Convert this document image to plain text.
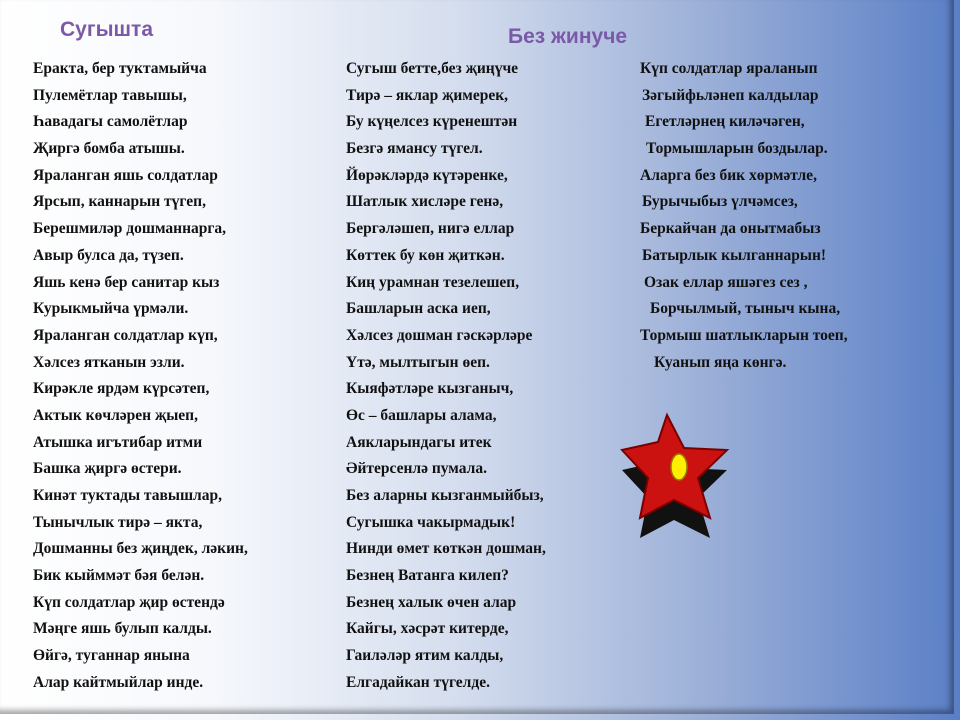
Сугышта	Без жинуче
Еракта, бер туктамыйча
Пулемётлар тавышы,
Һавадагы самолётлар
Җиргә бомба атышы.
Яраланган яшь солдатлар
Ярсып, каннарын түгеп,
Берешмиләр дошманнарга,
Авыр булса да, түзеп.
Яшь кенә бер санитар кыз
Курыкмыйча үрмәли.
Яраланган солдатлар күп,
Хәлсез ятканын эзли.
Кирәкле ярдәм күрсәтеп,
Актык көчләрен җыеп,
Атышка игътибар итми
Башка җиргә өстери.
Кинәт туктады тавышлар,
Тынычлык тирә – якта,
Дошманны без җиңдек, ләкин,
Бик кыйммәт бәя белән.
Күп солдатлар җир өстендә
Мәңге яшь булып калды.
Өйгә, туганнар янына
Алар кайтмыйлар инде.
Сугыш бетте,без җиңүче
Тирә – яклар җимерек,
Бу күңелсез күренештән
Безгә ямансу түгел.
Йөрәкләрдә күтәренке,
Шатлык хисләре генә,
Бергәләшеп, нигә еллар
Көттек бу көн җиткән.
Киң урамнан тезелешеп,
Башларын аска иеп,
Хәлсез дошман гәскәрләре
Үтә, мылтыгын өеп.
Кыяфәтләре кызганыч,
Өс – башлары алама,
Аякларындагы итек
Әйтерсенлә пумала.
Без аларны кызганмыйбыз,
Сугышка чакырмадык!
Нинди өмет көткән дошман,
Безнең Ватанга килеп?
Безнең халык өчен алар
Кайгы, хәсрәт китерде,
Гаиләләр ятим калды,
Елгадайкан түгелде.
Күп солдатлар яраланып
Зәгыйфьләнеп калдылар
Егетләрнең киләчәген,
Тормышларын боздылар.
Аларга без бик хөрмәтле,
Бурычыбыз үлчәмсез,
Беркайчан да онытмабыз
Батырлык кылганнарын!
Озак еллар яшәгез сез ,
Борчылмый, тыныч кына,
Тормыш шатлыкларын тоеп,
Куанып яңа көнгә.
